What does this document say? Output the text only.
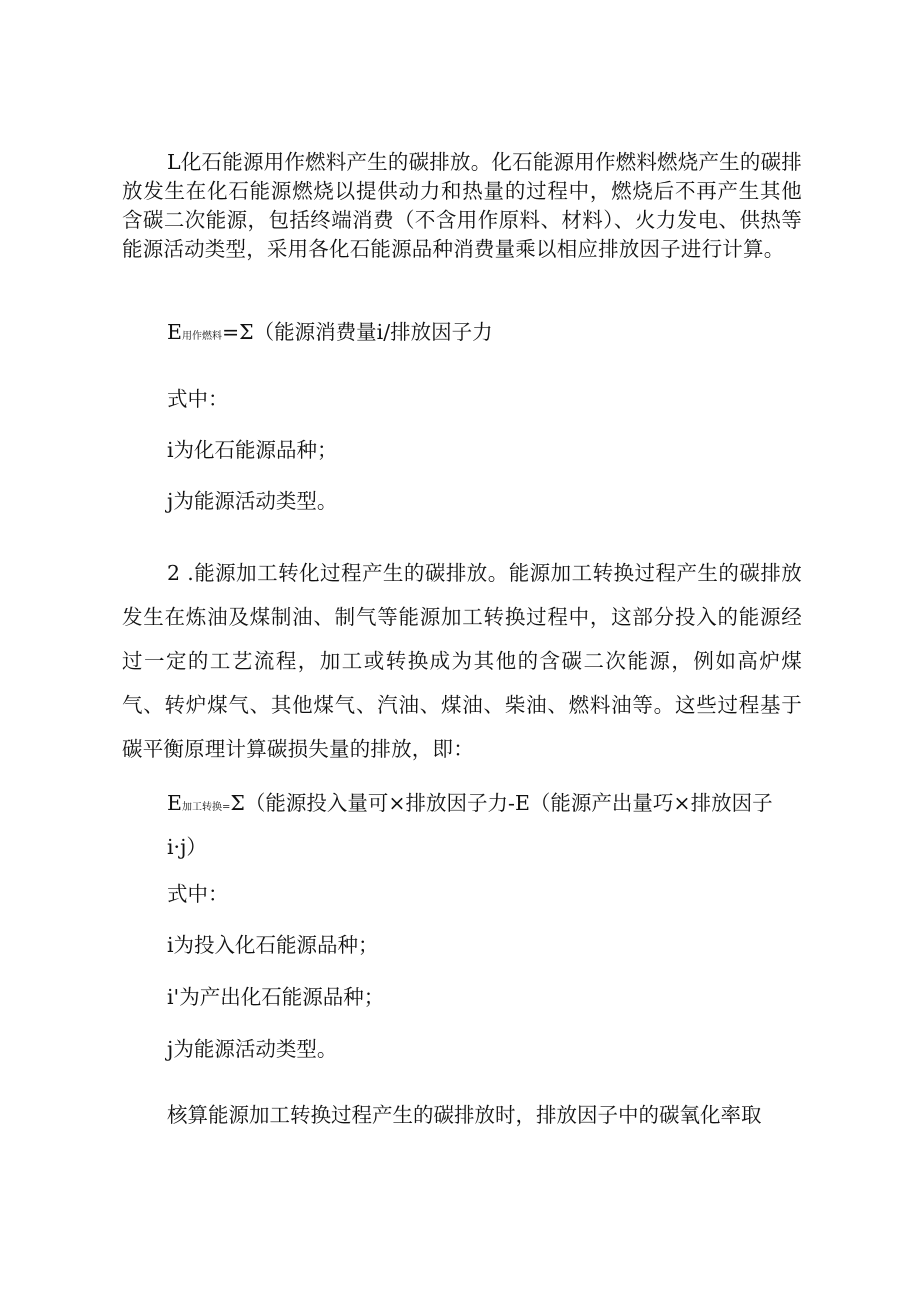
L化石能源用作燃料产生的碳排放。化石能源用作燃料燃烧产生的碳排放发生在化石能源燃烧以提供动力和热量的过程中，燃烧后不再产生其他含碳二次能源，包括终端消费（不含用作原料、材料）、火力发电、供热等能源活动类型，采用各化石能源品种消费量乘以相应排放因子进行计算。

E用作燃料=Σ（能源消费量i/排放因子力

式中：

i为化石能源品种；

j为能源活动类型。

2 .能源加工转化过程产生的碳排放。能源加工转换过程产生的碳排放发生在炼油及煤制油、制气等能源加工转换过程中，这部分投入的能源经过一定的工艺流程，加工或转换成为其他的含碳二次能源，例如高炉煤气、转炉煤气、其他煤气、汽油、煤油、柴油、燃料油等。这些过程基于碳平衡原理计算碳损失量的排放，即：

E加工转换=Σ（能源投入量可×排放因子力-E（能源产出量巧×排放因子

i·j）

式中：

i为投入化石能源品种；

i'为产出化石能源品种；

j为能源活动类型。

核算能源加工转换过程产生的碳排放时，排放因子中的碳氧化率取
